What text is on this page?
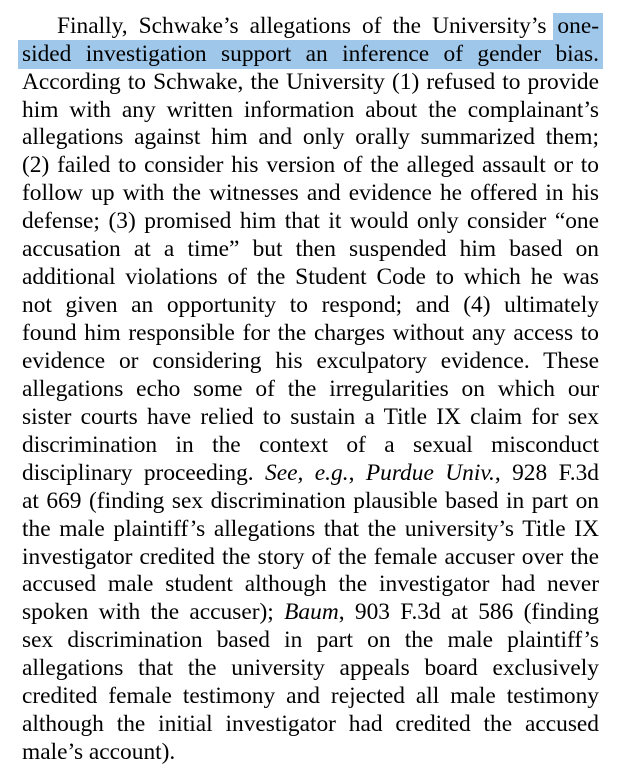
Finally, Schwake’s allegations of the University’s one-
sided investigation support an inference of gender bias.
According to Schwake, the University (1) refused to provide
him with any written information about the complainant’s
allegations against him and only orally summarized them;
(2) failed to consider his version of the alleged assault or to
follow up with the witnesses and evidence he offered in his
defense; (3) promised him that it would only consider “one
accusation at a time” but then suspended him based on
additional violations of the Student Code to which he was
not given an opportunity to respond; and (4) ultimately
found him responsible for the charges without any access to
evidence or considering his exculpatory evidence. These
allegations echo some of the irregularities on which our
sister courts have relied to sustain a Title IX claim for sex
discrimination in the context of a sexual misconduct
disciplinary proceeding. See, e.g., Purdue Univ., 928 F.3d
at 669 (finding sex discrimination plausible based in part on
the male plaintiff’s allegations that the university’s Title IX
investigator credited the story of the female accuser over the
accused male student although the investigator had never
spoken with the accuser); Baum, 903 F.3d at 586 (finding
sex discrimination based in part on the male plaintiff’s
allegations that the university appeals board exclusively
credited female testimony and rejected all male testimony
although the initial investigator had credited the accused
male’s account).
